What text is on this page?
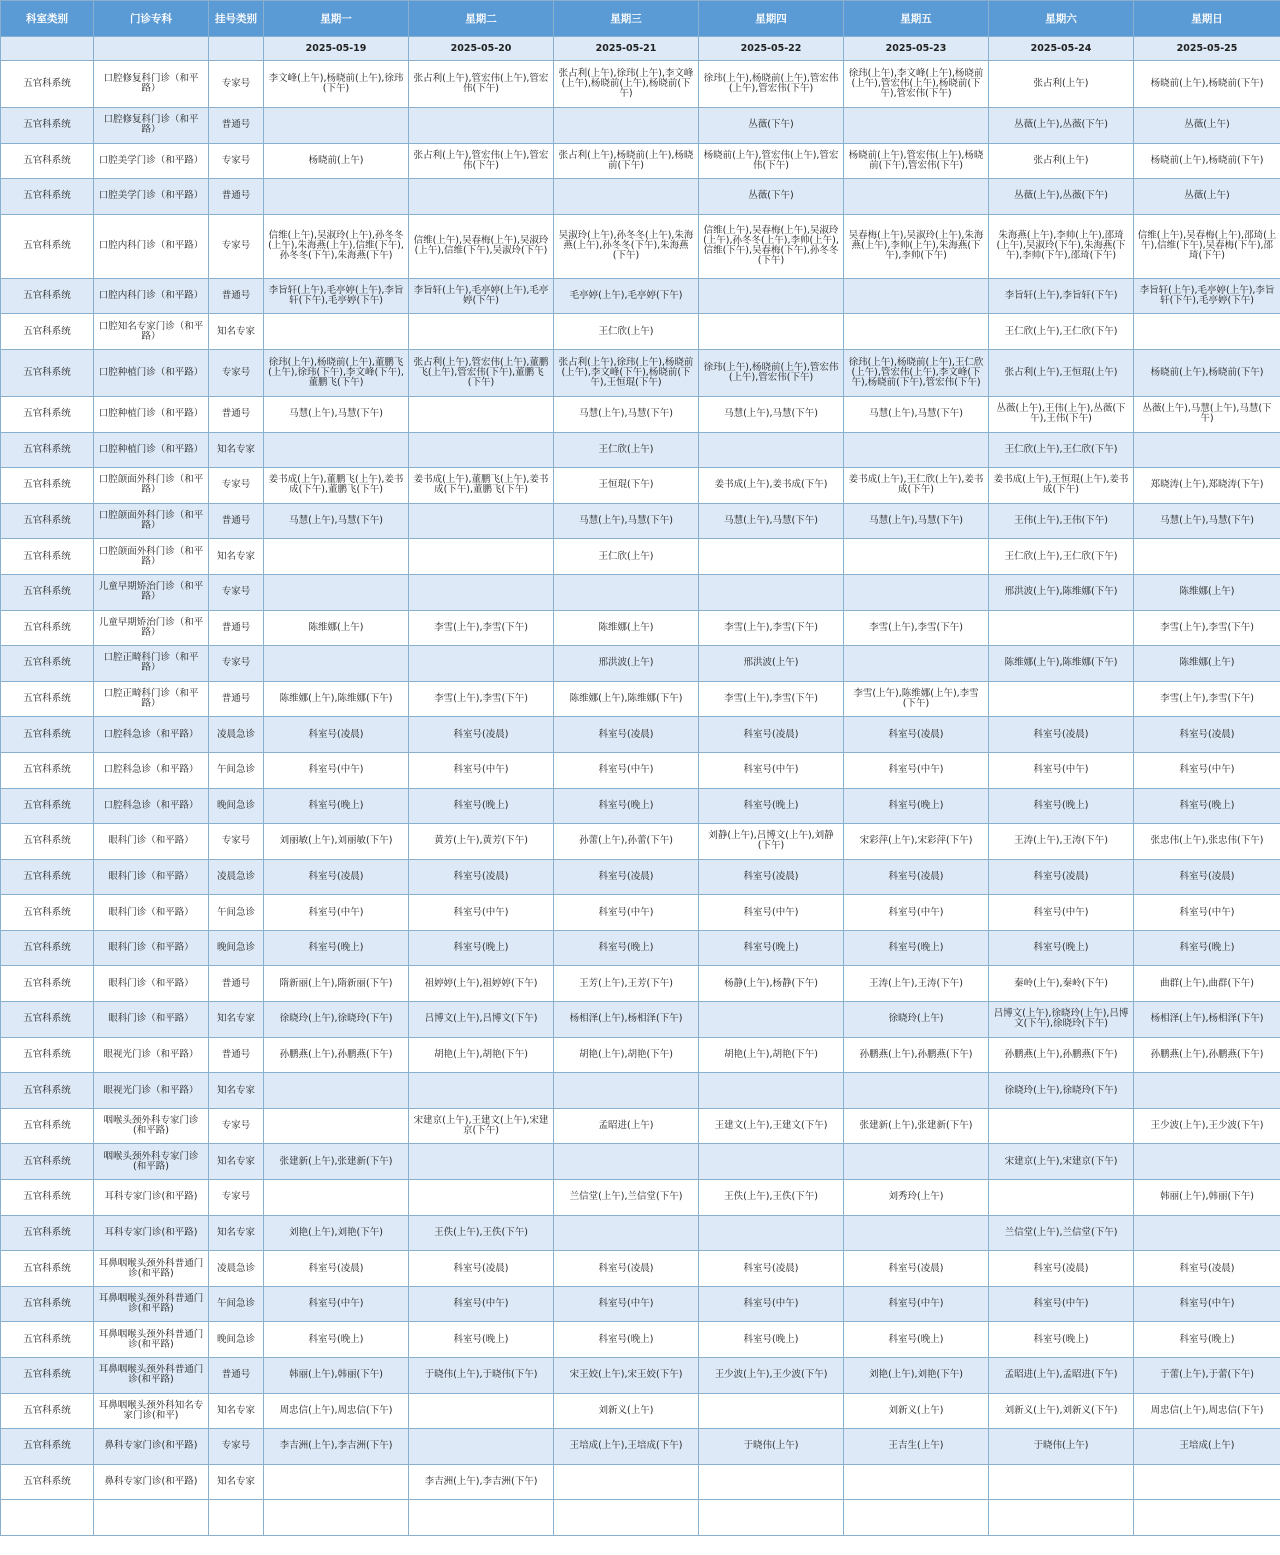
科室类别	门诊专科	挂号类别	星期一	星期二	星期三	星期四	星期五	星期六	星期日
			2025-05-19	2025-05-20	2025-05-21	2025-05-22	2025-05-23	2025-05-24	2025-05-25
五官科系统	口腔修复科门诊（和平路）	专家号	李文峰(上午),杨晓前(上午),徐玮(下午)	张占利(上午),管宏伟(上午),管宏伟(下午)	张占利(上午),徐玮(上午),李文峰(上午),杨晓前(上午),杨晓前(下午)	徐玮(上午),杨晓前(上午),管宏伟(上午),管宏伟(下午)	徐玮(上午),李文峰(上午),杨晓前(上午),管宏伟(上午),杨晓前(下午),管宏伟(下午)	张占利(上午)	杨晓前(上午),杨晓前(下午)
五官科系统	口腔修复科门诊（和平路）	普通号				丛薇(下午)		丛薇(上午),丛薇(下午)	丛薇(上午)
五官科系统	口腔美学门诊（和平路）	专家号	杨晓前(上午)	张占利(上午),管宏伟(上午),管宏伟(下午)	张占利(上午),杨晓前(上午),杨晓前(下午)	杨晓前(上午),管宏伟(上午),管宏伟(下午)	杨晓前(上午),管宏伟(上午),杨晓前(下午),管宏伟(下午)	张占利(上午)	杨晓前(上午),杨晓前(下午)
五官科系统	口腔美学门诊（和平路）	普通号				丛薇(下午)		丛薇(上午),丛薇(下午)	丛薇(上午)
五官科系统	口腔内科门诊（和平路）	专家号	信维(上午),吴淑玲(上午),孙冬冬(上午),朱海燕(上午),信维(下午),孙冬冬(下午),朱海燕(下午)	信维(上午),吴春梅(上午),吴淑玲(上午),信维(下午),吴淑玲(下午)	吴淑玲(上午),孙冬冬(上午),朱海燕(上午),孙冬冬(下午),朱海燕(下午)	信维(上午),吴春梅(上午),吴淑玲(上午),孙冬冬(上午),李帅(上午),信维(下午),吴春梅(下午),孙冬冬(下午)	吴春梅(上午),吴淑玲(上午),朱海燕(上午),李帅(上午),朱海燕(下午),李帅(下午)	朱海燕(上午),李帅(上午),邵琦(上午),吴淑玲(下午),朱海燕(下午),李帅(下午),邵琦(下午)	信维(上午),吴春梅(上午),邵琦(上午),信维(下午),吴春梅(下午),邵琦(下午)
五官科系统	口腔内科门诊（和平路）	普通号	李旨轩(上午),毛亭婷(上午),李旨轩(下午),毛亭婷(下午)	李旨轩(上午),毛亭婷(上午),毛亭婷(下午)	毛亭婷(上午),毛亭婷(下午)			李旨轩(上午),李旨轩(下午)	李旨轩(上午),毛亭婷(上午),李旨轩(下午),毛亭婷(下午)
五官科系统	口腔知名专家门诊（和平路）	知名专家			王仁欣(上午)			王仁欣(上午),王仁欣(下午)	
五官科系统	口腔种植门诊（和平路）	专家号	徐玮(上午),杨晓前(上午),董鹏飞(上午),徐玮(下午),李文峰(下午),董鹏飞(下午)	张占利(上午),管宏伟(上午),董鹏飞(上午),管宏伟(下午),董鹏飞(下午)	张占利(上午),徐玮(上午),杨晓前(上午),李文峰(下午),杨晓前(下午),王恒琨(下午)	徐玮(上午),杨晓前(上午),管宏伟(上午),管宏伟(下午)	徐玮(上午),杨晓前(上午),王仁欣(上午),管宏伟(上午),李文峰(下午),杨晓前(下午),管宏伟(下午)	张占利(上午),王恒琨(上午)	杨晓前(上午),杨晓前(下午)
五官科系统	口腔种植门诊（和平路）	普通号	马慧(上午),马慧(下午)		马慧(上午),马慧(下午)	马慧(上午),马慧(下午)	马慧(上午),马慧(下午)	丛薇(上午),王伟(上午),丛薇(下午),王伟(下午)	丛薇(上午),马慧(上午),马慧(下午)
五官科系统	口腔种植门诊（和平路）	知名专家			王仁欣(上午)			王仁欣(上午),王仁欣(下午)	
五官科系统	口腔颌面外科门诊（和平路）	专家号	姜书成(上午),董鹏飞(上午),姜书成(下午),董鹏飞(下午)	姜书成(上午),董鹏飞(上午),姜书成(下午),董鹏飞(下午)	王恒琨(下午)	姜书成(上午),姜书成(下午)	姜书成(上午),王仁欣(上午),姜书成(下午)	姜书成(上午),王恒琨(上午),姜书成(下午)	郑晓涛(上午),郑晓涛(下午)
五官科系统	口腔颌面外科门诊（和平路）	普通号	马慧(上午),马慧(下午)		马慧(上午),马慧(下午)	马慧(上午),马慧(下午)	马慧(上午),马慧(下午)	王伟(上午),王伟(下午)	马慧(上午),马慧(下午)
五官科系统	口腔颌面外科门诊（和平路）	知名专家			王仁欣(上午)			王仁欣(上午),王仁欣(下午)	
五官科系统	儿童早期矫治门诊（和平路）	专家号						邢洪波(上午),陈维娜(下午)	陈维娜(上午)
五官科系统	儿童早期矫治门诊（和平路）	普通号	陈维娜(上午)	李雪(上午),李雪(下午)	陈维娜(上午)	李雪(上午),李雪(下午)	李雪(上午),李雪(下午)		李雪(上午),李雪(下午)
五官科系统	口腔正畸科门诊（和平路）	专家号			邢洪波(上午)	邢洪波(上午)		陈维娜(上午),陈维娜(下午)	陈维娜(上午)
五官科系统	口腔正畸科门诊（和平路）	普通号	陈维娜(上午),陈维娜(下午)	李雪(上午),李雪(下午)	陈维娜(上午),陈维娜(下午)	李雪(上午),李雪(下午)	李雪(上午),陈维娜(上午),李雪(下午)		李雪(上午),李雪(下午)
五官科系统	口腔科急诊（和平路）	凌晨急诊	科室号(凌晨)	科室号(凌晨)	科室号(凌晨)	科室号(凌晨)	科室号(凌晨)	科室号(凌晨)	科室号(凌晨)
五官科系统	口腔科急诊（和平路）	午间急诊	科室号(中午)	科室号(中午)	科室号(中午)	科室号(中午)	科室号(中午)	科室号(中午)	科室号(中午)
五官科系统	口腔科急诊（和平路）	晚间急诊	科室号(晚上)	科室号(晚上)	科室号(晚上)	科室号(晚上)	科室号(晚上)	科室号(晚上)	科室号(晚上)
五官科系统	眼科门诊（和平路）	专家号	刘丽敏(上午),刘丽敏(下午)	黄芳(上午),黄芳(下午)	孙蕾(上午),孙蕾(下午)	刘静(上午),吕博文(上午),刘静(下午)	宋彩萍(上午),宋彩萍(下午)	王涛(上午),王涛(下午)	张忠伟(上午),张忠伟(下午)
五官科系统	眼科门诊（和平路）	凌晨急诊	科室号(凌晨)	科室号(凌晨)	科室号(凌晨)	科室号(凌晨)	科室号(凌晨)	科室号(凌晨)	科室号(凌晨)
五官科系统	眼科门诊（和平路）	午间急诊	科室号(中午)	科室号(中午)	科室号(中午)	科室号(中午)	科室号(中午)	科室号(中午)	科室号(中午)
五官科系统	眼科门诊（和平路）	晚间急诊	科室号(晚上)	科室号(晚上)	科室号(晚上)	科室号(晚上)	科室号(晚上)	科室号(晚上)	科室号(晚上)
五官科系统	眼科门诊（和平路）	普通号	隋新丽(上午),隋新丽(下午)	祖婷婷(上午),祖婷婷(下午)	王芳(上午),王芳(下午)	杨静(上午),杨静(下午)	王涛(上午),王涛(下午)	秦岭(上午),秦岭(下午)	曲群(上午),曲群(下午)
五官科系统	眼科门诊（和平路）	知名专家	徐晓玲(上午),徐晓玲(下午)	吕博文(上午),吕博文(下午)	杨相泽(上午),杨相泽(下午)		徐晓玲(上午)	吕博文(上午),徐晓玲(上午),吕博文(下午),徐晓玲(下午)	杨相泽(上午),杨相泽(下午)
五官科系统	眼视光门诊（和平路）	普通号	孙鹏燕(上午),孙鹏燕(下午)	胡艳(上午),胡艳(下午)	胡艳(上午),胡艳(下午)	胡艳(上午),胡艳(下午)	孙鹏燕(上午),孙鹏燕(下午)	孙鹏燕(上午),孙鹏燕(下午)	孙鹏燕(上午),孙鹏燕(下午)
五官科系统	眼视光门诊（和平路）	知名专家						徐晓玲(上午),徐晓玲(下午)	
五官科系统	咽喉头颈外科专家门诊(和平路)	专家号		宋建京(上午),王建文(上午),宋建京(下午)	孟昭进(上午)	王建文(上午),王建文(下午)	张建新(上午),张建新(下午)		王少波(上午),王少波(下午)
五官科系统	咽喉头颈外科专家门诊(和平路)	知名专家	张建新(上午),张建新(下午)					宋建京(上午),宋建京(下午)	
五官科系统	耳科专家门诊(和平路)	专家号			兰信堂(上午),兰信堂(下午)	王佚(上午),王佚(下午)	刘秀玲(上午)		韩丽(上午),韩丽(下午)
五官科系统	耳科专家门诊(和平路)	知名专家	刘艳(上午),刘艳(下午)	王佚(上午),王佚(下午)				兰信堂(上午),兰信堂(下午)	
五官科系统	耳鼻咽喉头颈外科普通门诊(和平路)	凌晨急诊	科室号(凌晨)	科室号(凌晨)	科室号(凌晨)	科室号(凌晨)	科室号(凌晨)	科室号(凌晨)	科室号(凌晨)
五官科系统	耳鼻咽喉头颈外科普通门诊(和平路)	午间急诊	科室号(中午)	科室号(中午)	科室号(中午)	科室号(中午)	科室号(中午)	科室号(中午)	科室号(中午)
五官科系统	耳鼻咽喉头颈外科普通门诊(和平路)	晚间急诊	科室号(晚上)	科室号(晚上)	科室号(晚上)	科室号(晚上)	科室号(晚上)	科室号(晚上)	科室号(晚上)
五官科系统	耳鼻咽喉头颈外科普通门诊(和平路)	普通号	韩丽(上午),韩丽(下午)	于晓伟(上午),于晓伟(下午)	宋王姣(上午),宋王姣(下午)	王少波(上午),王少波(下午)	刘艳(上午),刘艳(下午)	孟昭进(上午),孟昭进(下午)	于蕾(上午),于蕾(下午)
五官科系统	耳鼻咽喉头颈外科知名专家门诊(和平)	知名专家	周忠信(上午),周忠信(下午)		刘新义(上午)		刘新义(上午)	刘新义(上午),刘新义(下午)	周忠信(上午),周忠信(下午)
五官科系统	鼻科专家门诊(和平路)	专家号	李吉洲(上午),李吉洲(下午)		王培成(上午),王培成(下午)	于晓伟(上午)	王吉生(上午)	于晓伟(上午)	王培成(上午)
五官科系统	鼻科专家门诊(和平路)	知名专家		李吉洲(上午),李吉洲(下午)					
